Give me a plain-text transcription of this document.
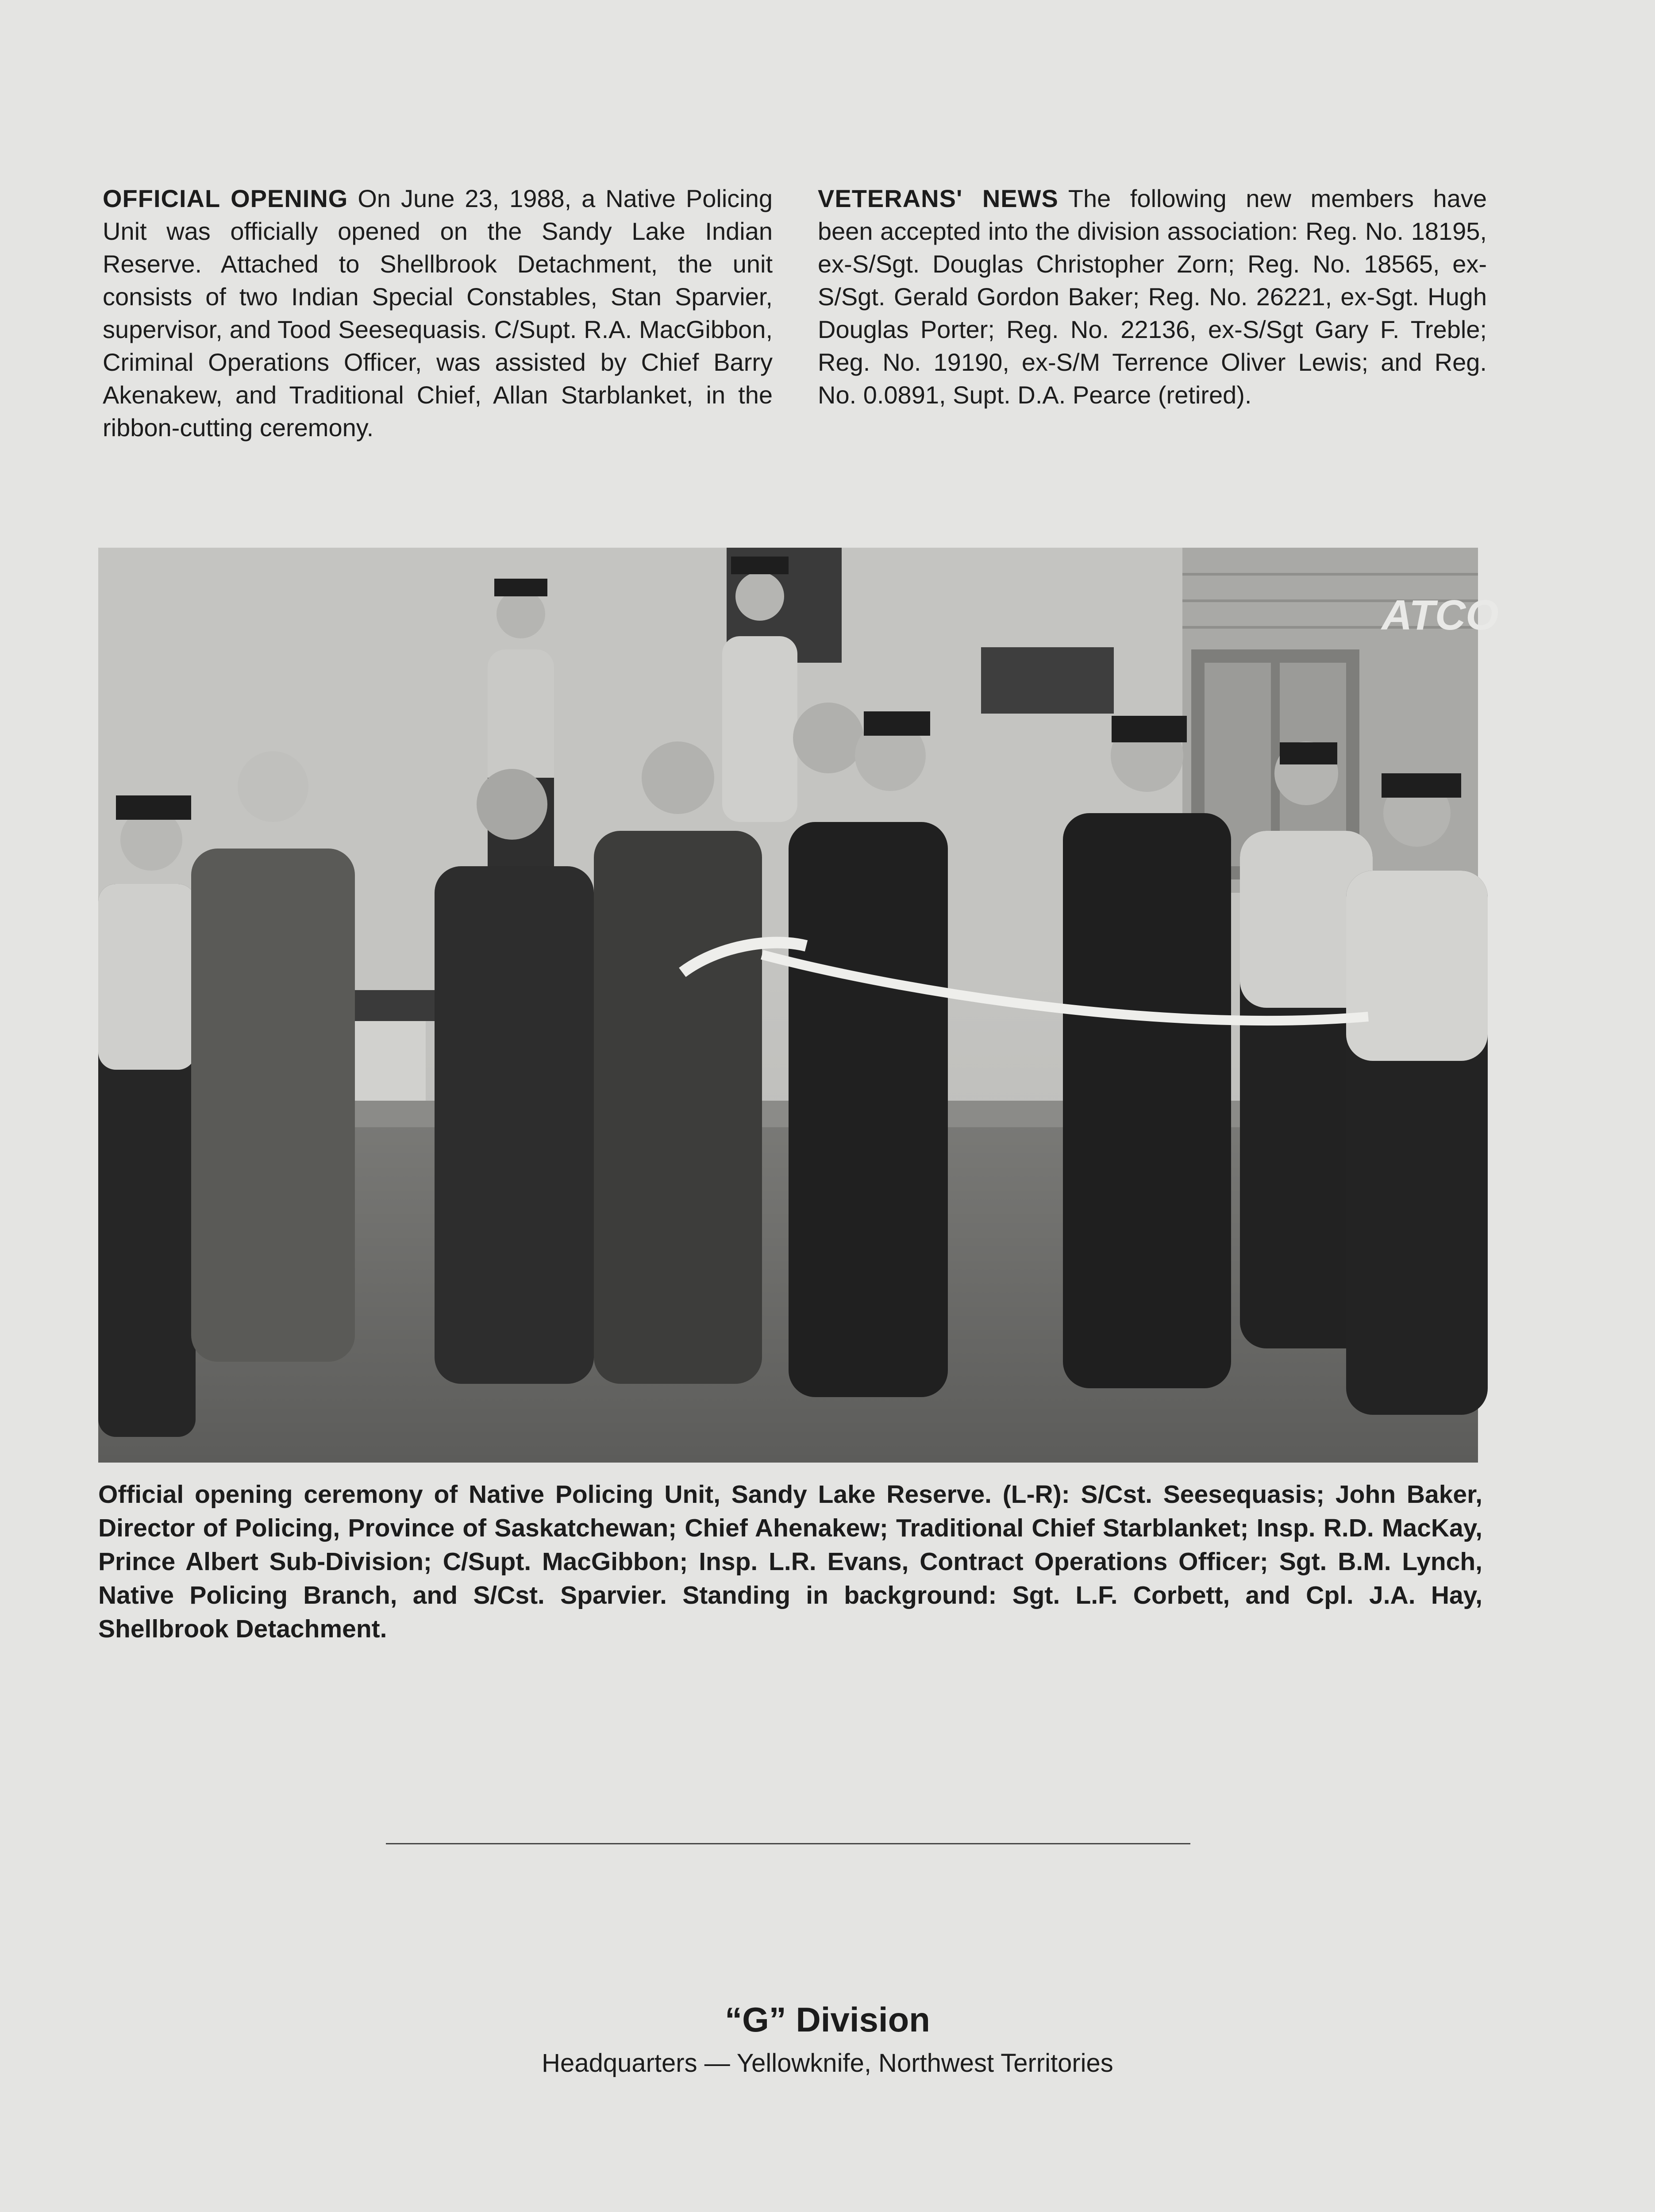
OFFICIAL OPENING On June 23, 1988, a Native Policing Unit was officially opened on the Sandy Lake Indian Reserve. Attached to Shellbrook Detachment, the unit consists of two Indian Special Constables, Stan Sparvier, supervisor, and Tood Seesequasis. C/Supt. R.A. MacGibbon, Criminal Operations Officer, was assisted by Chief Barry Akenakew, and Traditional Chief, Allan Starblanket, in the ribbon-cutting ceremony.
VETERANS' NEWS The following new members have been accepted into the division association: Reg. No. 18195, ex-S/Sgt. Douglas Christopher Zorn; Reg. No. 18565, ex-S/Sgt. Gerald Gordon Baker; Reg. No. 26221, ex-Sgt. Hugh Douglas Porter; Reg. No. 22136, ex-S/Sgt Gary F. Treble; Reg. No. 19190, ex-S/M Terrence Oliver Lewis; and Reg. No. 0.0891, Supt. D.A. Pearce (retired).
ATCO
Official opening ceremony of Native Policing Unit, Sandy Lake Reserve. (L-R): S/Cst. Seesequasis; John Baker, Director of Policing, Province of Saskatchewan; Chief Ahenakew; Traditional Chief Starblanket; Insp. R.D. MacKay, Prince Albert Sub-Division; C/Supt. MacGibbon; Insp. L.R. Evans, Contract Operations Officer; Sgt. B.M. Lynch, Native Policing Branch, and S/Cst. Sparvier. Standing in background: Sgt. L.F. Corbett, and Cpl. J.A. Hay, Shellbrook Detachment.
“G” Division
Headquarters — Yellowknife, Northwest Territories
